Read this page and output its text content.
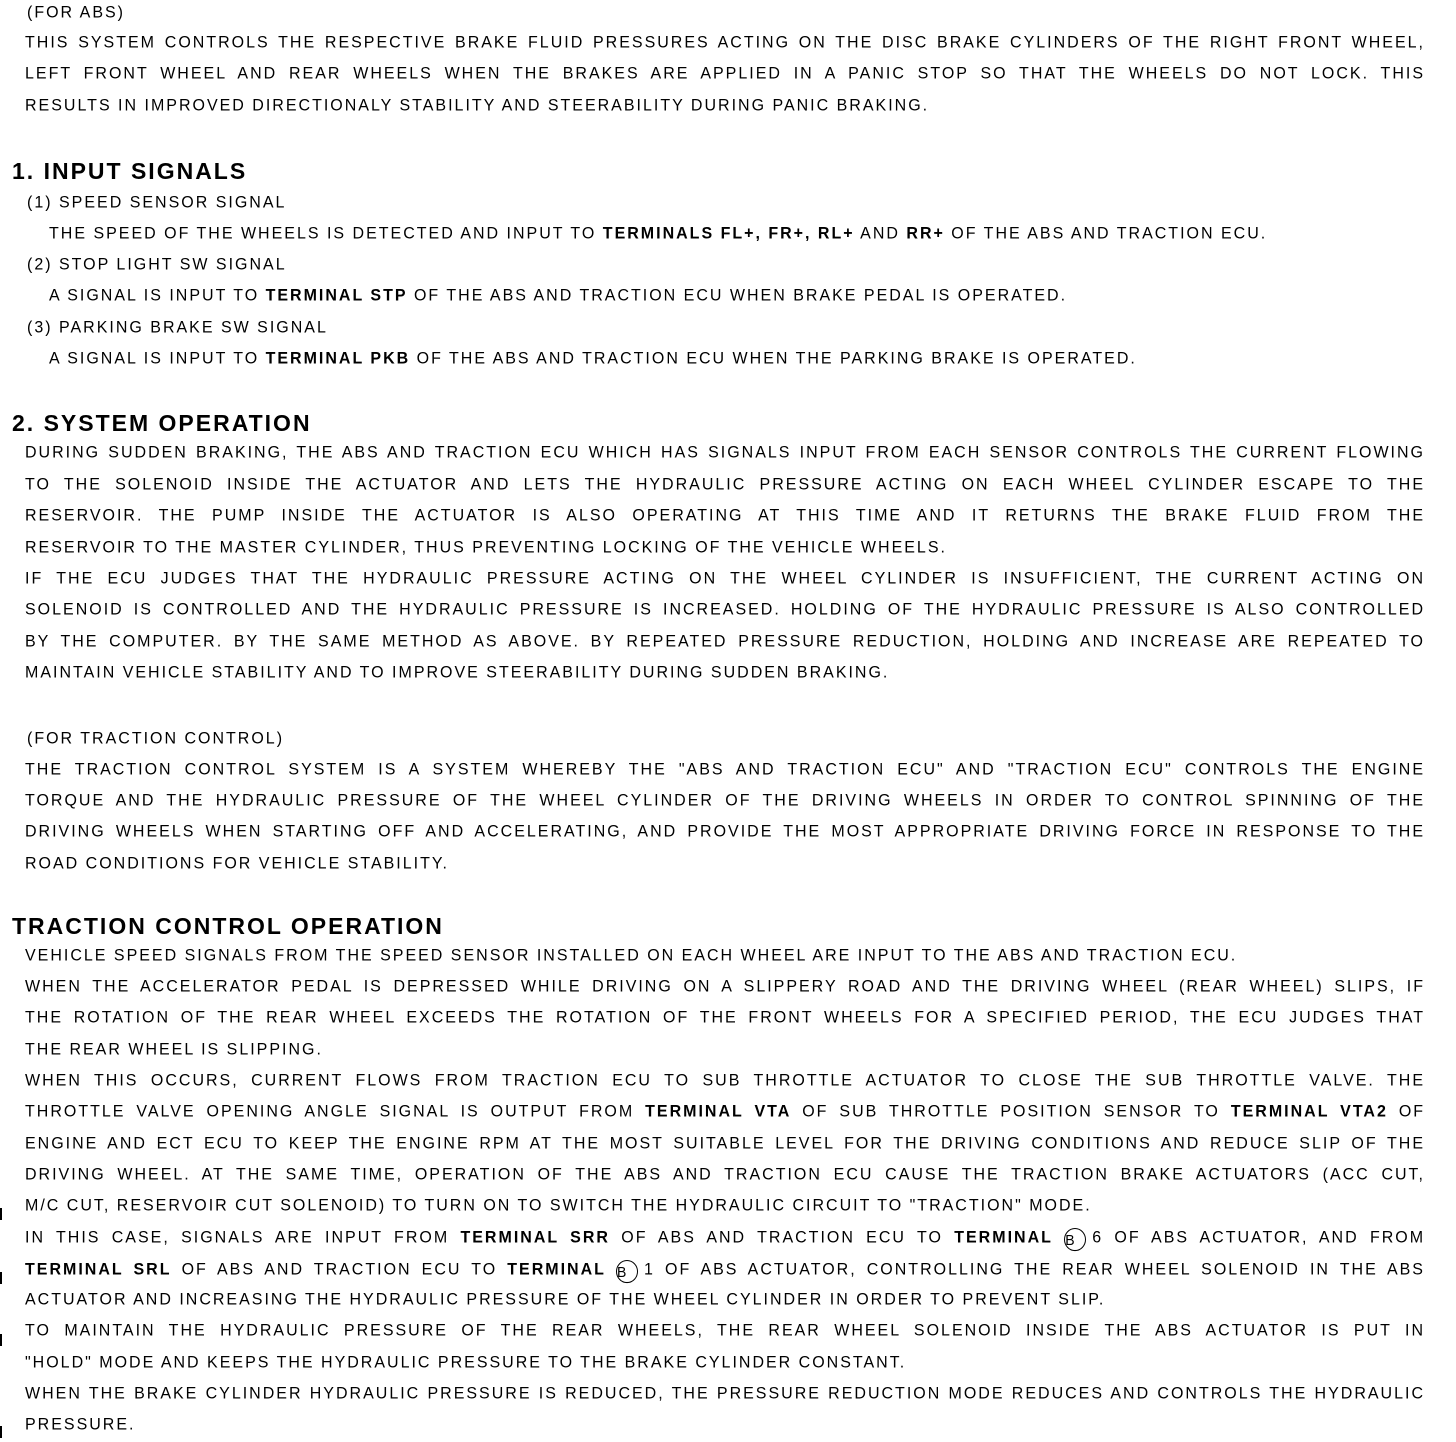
(FOR ABS)
THIS SYSTEM CONTROLS THE RESPECTIVE BRAKE FLUID PRESSURES ACTING ON THE DISC BRAKE CYLINDERS OF THE RIGHT FRONT WHEEL,
LEFT FRONT WHEEL AND REAR WHEELS WHEN THE BRAKES ARE APPLIED IN A PANIC STOP SO THAT THE WHEELS DO NOT LOCK. THIS
RESULTS IN IMPROVED DIRECTIONALY STABILITY AND STEERABILITY DURING PANIC BRAKING.
1. INPUT SIGNALS
(1) SPEED SENSOR SIGNAL
THE SPEED OF THE WHEELS IS DETECTED AND INPUT TO TERMINALS FL+, FR+, RL+ AND RR+ OF THE ABS AND TRACTION ECU.
(2) STOP LIGHT SW SIGNAL
A SIGNAL IS INPUT TO TERMINAL STP OF THE ABS AND TRACTION ECU WHEN BRAKE PEDAL IS OPERATED.
(3) PARKING BRAKE SW SIGNAL
A SIGNAL IS INPUT TO TERMINAL PKB OF THE ABS AND TRACTION ECU WHEN THE PARKING BRAKE IS OPERATED.
2. SYSTEM OPERATION
DURING SUDDEN BRAKING, THE ABS AND TRACTION ECU WHICH HAS SIGNALS INPUT FROM EACH SENSOR CONTROLS THE CURRENT FLOWING
TO THE SOLENOID INSIDE THE ACTUATOR AND LETS THE HYDRAULIC PRESSURE ACTING ON EACH WHEEL CYLINDER ESCAPE TO THE
RESERVOIR. THE PUMP INSIDE THE ACTUATOR IS ALSO OPERATING AT THIS TIME AND IT RETURNS THE BRAKE FLUID FROM THE
RESERVOIR TO THE MASTER CYLINDER, THUS PREVENTING LOCKING OF THE VEHICLE WHEELS.
IF THE ECU JUDGES THAT THE HYDRAULIC PRESSURE ACTING ON THE WHEEL CYLINDER IS INSUFFICIENT, THE CURRENT ACTING ON
SOLENOID IS CONTROLLED AND THE HYDRAULIC PRESSURE IS INCREASED. HOLDING OF THE HYDRAULIC PRESSURE IS ALSO CONTROLLED
BY THE COMPUTER. BY THE SAME METHOD AS ABOVE. BY REPEATED PRESSURE REDUCTION, HOLDING AND INCREASE ARE REPEATED TO
MAINTAIN VEHICLE STABILITY AND TO IMPROVE STEERABILITY DURING SUDDEN BRAKING.
(FOR TRACTION CONTROL)
THE TRACTION CONTROL SYSTEM IS A SYSTEM WHEREBY THE "ABS AND TRACTION ECU" AND "TRACTION ECU" CONTROLS THE ENGINE
TORQUE AND THE HYDRAULIC PRESSURE OF THE WHEEL CYLINDER OF THE DRIVING WHEELS IN ORDER TO CONTROL SPINNING OF THE
DRIVING WHEELS WHEN STARTING OFF AND ACCELERATING, AND PROVIDE THE MOST APPROPRIATE DRIVING FORCE IN RESPONSE TO THE
ROAD CONDITIONS FOR VEHICLE STABILITY.
TRACTION CONTROL OPERATION
VEHICLE SPEED SIGNALS FROM THE SPEED SENSOR INSTALLED ON EACH WHEEL ARE INPUT TO THE ABS AND TRACTION ECU.
WHEN THE ACCELERATOR PEDAL IS DEPRESSED WHILE DRIVING ON A SLIPPERY ROAD AND THE DRIVING WHEEL (REAR WHEEL) SLIPS, IF
THE ROTATION OF THE REAR WHEEL EXCEEDS THE ROTATION OF THE FRONT WHEELS FOR A SPECIFIED PERIOD, THE ECU JUDGES THAT
THE REAR WHEEL IS SLIPPING.
WHEN THIS OCCURS, CURRENT FLOWS FROM TRACTION ECU TO SUB THROTTLE ACTUATOR TO CLOSE THE SUB THROTTLE VALVE. THE
THROTTLE VALVE OPENING ANGLE SIGNAL IS OUTPUT FROM TERMINAL VTA OF SUB THROTTLE POSITION SENSOR TO TERMINAL VTA2 OF
ENGINE AND ECT ECU TO KEEP THE ENGINE RPM AT THE MOST SUITABLE LEVEL FOR THE DRIVING CONDITIONS AND REDUCE SLIP OF THE
DRIVING WHEEL. AT THE SAME TIME, OPERATION OF THE ABS AND TRACTION ECU CAUSE THE TRACTION BRAKE ACTUATORS (ACC CUT,
M/C CUT, RESERVOIR CUT SOLENOID) TO TURN ON TO SWITCH THE HYDRAULIC CIRCUIT TO "TRACTION" MODE.
IN THIS CASE, SIGNALS ARE INPUT FROM TERMINAL SRR OF ABS AND TRACTION ECU TO TERMINAL B 6 OF ABS ACTUATOR, AND FROM
TERMINAL SRL OF ABS AND TRACTION ECU TO TERMINAL B 1 OF ABS ACTUATOR, CONTROLLING THE REAR WHEEL SOLENOID IN THE ABS
ACTUATOR AND INCREASING THE HYDRAULIC PRESSURE OF THE WHEEL CYLINDER IN ORDER TO PREVENT SLIP.
TO MAINTAIN THE HYDRAULIC PRESSURE OF THE REAR WHEELS, THE REAR WHEEL SOLENOID INSIDE THE ABS ACTUATOR IS PUT IN
"HOLD" MODE AND KEEPS THE HYDRAULIC PRESSURE TO THE BRAKE CYLINDER CONSTANT.
WHEN THE BRAKE CYLINDER HYDRAULIC PRESSURE IS REDUCED, THE PRESSURE REDUCTION MODE REDUCES AND CONTROLS THE HYDRAULIC
PRESSURE.
